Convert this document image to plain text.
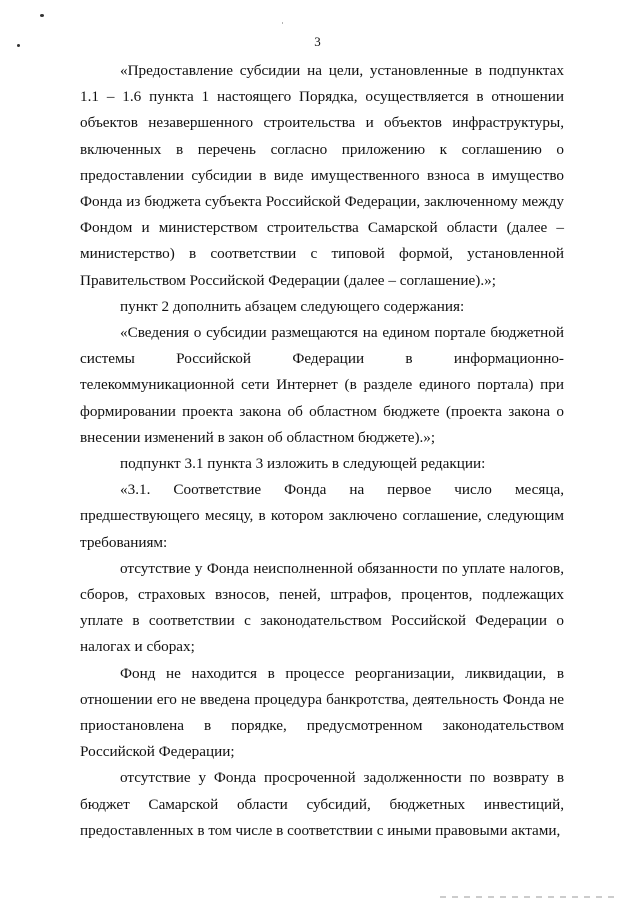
3

«Предоставление субсидии на цели, установленные в подпунктах 1.1 – 1.6 пункта 1 настоящего Порядка, осуществляется в отношении объектов незавершенного строительства и объектов инфраструктуры, включенных в перечень согласно приложению к соглашению о предоставлении субсидии в виде имущественного взноса в имущество Фонда из бюджета субъекта Российской Федерации, заключенному между Фондом и министерством строительства Самарской области (далее – министерство) в соответствии с типовой формой, установленной Правительством Российской Федерации (далее – соглашение).»;

пункт 2 дополнить абзацем следующего содержания:

«Сведения о субсидии размещаются на едином портале бюджетной системы Российской Федерации в информационно-телекоммуникационной сети Интернет (в разделе единого портала) при формировании проекта закона об областном бюджете (проекта закона о внесении изменений в закон об областном бюджете).»;

подпункт 3.1 пункта 3 изложить в следующей редакции:

«3.1. Соответствие Фонда на первое число месяца, предшествующего месяцу, в котором заключено соглашение, следующим требованиям:

отсутствие у Фонда неисполненной обязанности по уплате налогов, сборов, страховых взносов, пеней, штрафов, процентов, подлежащих уплате в соответствии с законодательством Российской Федерации о налогах и сборах;

Фонд не находится в процессе реорганизации, ликвидации, в отношении его не введена процедура банкротства, деятельность Фонда не приостановлена в порядке, предусмотренном законодательством Российской Федерации;

отсутствие у Фонда просроченной задолженности по возврату в бюджет Самарской области субсидий, бюджетных инвестиций, предоставленных в том числе в соответствии с иными правовыми актами,
